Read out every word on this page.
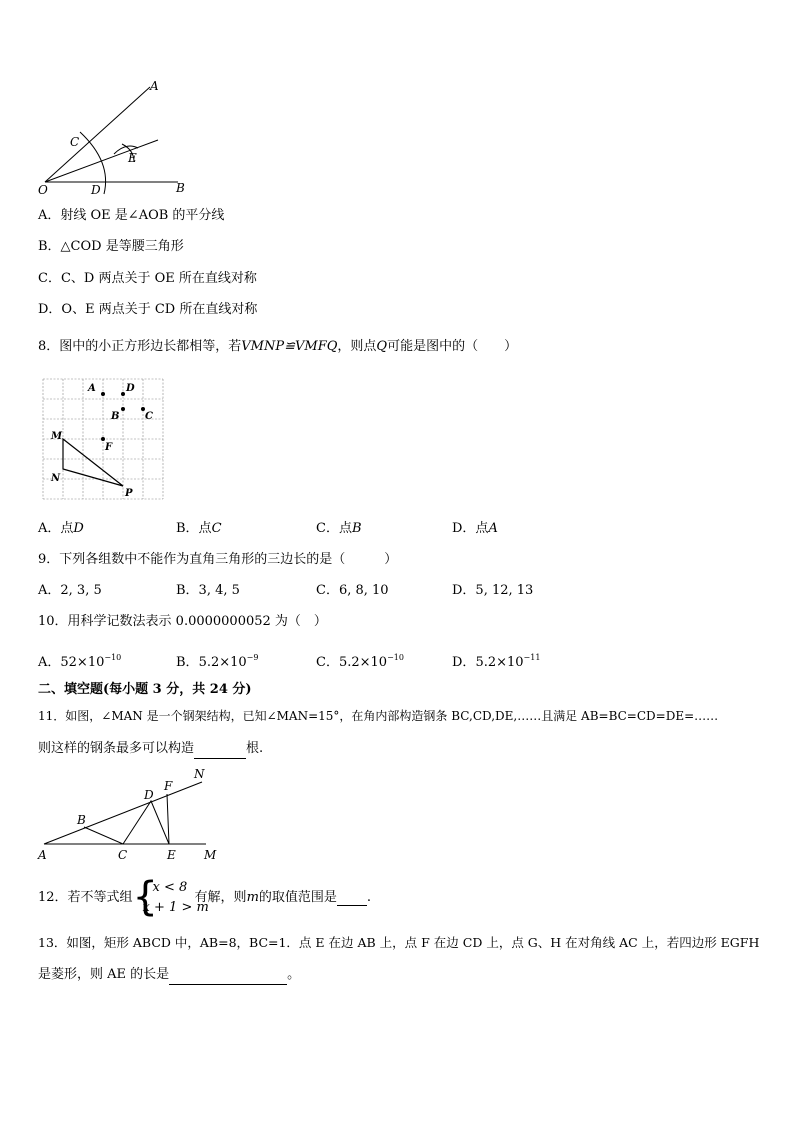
A
C
E
O	D	B
A．射线 OE 是∠AOB 的平分线
B．△COD 是等腰三角形
C．C、D 两点关于 OE 所在直线对称
D．O、E 两点关于 CD 所在直线对称
8．图中的小正方形边长都相等，若VMNP≌VMFQ，则点Q可能是图中的（　　）
A	D
B	C
M
F
N
P
A．点D	B．点C	C．点B	D．点A
9．下列各组数中不能作为直角三角形的三边长的是（　　　）
A．2, 3, 5	B．3, 4, 5	C．6, 8, 10	D．5, 12, 13
10．用科学记数法表示 0.0000000052 为（　）
A．$52\times 10^{-10}$	B．$5.2\times 10^{-9}$	C．$5.2\times 10^{-10}$	D．$5.2\times 10^{-11}$
二、填空题(每小题 3 分，共 24 分)
11．如图，∠MAN 是一个钢架结构，已知∠MAN=15°，在角内部构造钢条 BC,CD,DE,……且满足 AB=BC=CD=DE=……
则这样的钢条最多可以构造	根.
N
F
D
B
A	C	E M
12．若不等式组 {
x < 8
x + 1 > m
有解，则m的取值范围是 .
13．如图，矩形 ABCD 中，AB=8，BC=1．点 E 在边 AB 上，点 F 在边 CD 上，点 G、H 在对角线 AC 上，若四边形 EGFH
是菱形，则 AE 的长是	。
